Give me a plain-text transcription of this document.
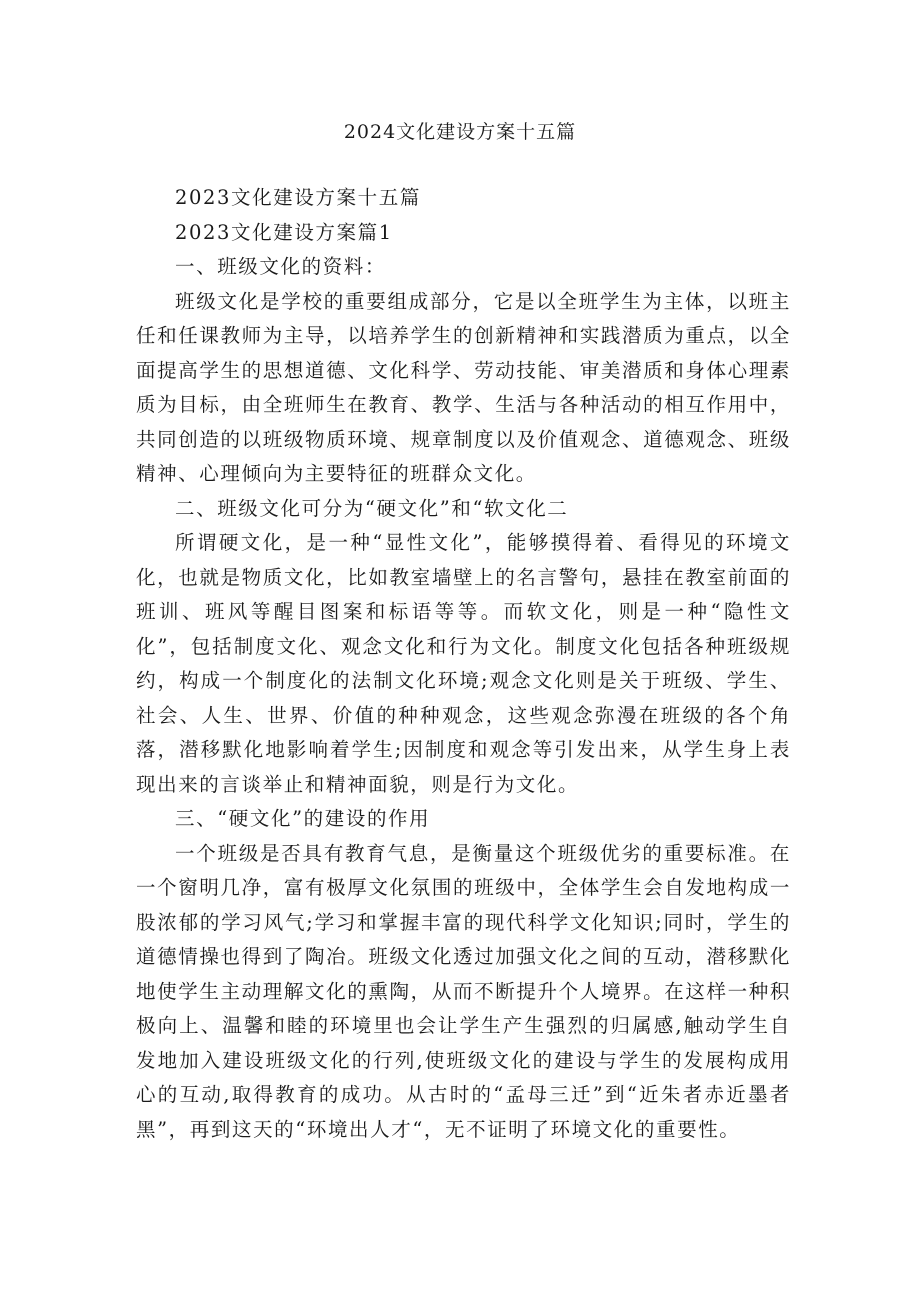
2024文化建设方案十五篇

2023文化建设方案十五篇

2023文化建设方案篇1

一、班级文化的资料：

班级文化是学校的重要组成部分，它是以全班学生为主体，以班主任和任课教师为主导，以培养学生的创新精神和实践潜质为重点，以全面提高学生的思想道德、文化科学、劳动技能、审美潜质和身体心理素质为目标，由全班师生在教育、教学、生活与各种活动的相互作用中，共同创造的以班级物质环境、规章制度以及价值观念、道德观念、班级精神、心理倾向为主要特征的班群众文化。

二、班级文化可分为“硬文化”和“软文化二

所谓硬文化，是一种“显性文化”，能够摸得着、看得见的环境文化，也就是物质文化，比如教室墙壁上的名言警句，悬挂在教室前面的班训、班风等醒目图案和标语等等。而软文化，则是一种“隐性文化”，包括制度文化、观念文化和行为文化。制度文化包括各种班级规约，构成一个制度化的法制文化环境;观念文化则是关于班级、学生、社会、人生、世界、价值的种种观念，这些观念弥漫在班级的各个角落，潜移默化地影响着学生;因制度和观念等引发出来，从学生身上表现出来的言谈举止和精神面貌，则是行为文化。

三、“硬文化”的建设的作用

一个班级是否具有教育气息，是衡量这个班级优劣的重要标准。在一个窗明几净，富有极厚文化氛围的班级中，全体学生会自发地构成一股浓郁的学习风气;学习和掌握丰富的现代科学文化知识;同时，学生的道德情操也得到了陶冶。班级文化透过加强文化之间的互动，潜移默化地使学生主动理解文化的熏陶，从而不断提升个人境界。在这样一种积极向上、温馨和睦的环境里也会让学生产生强烈的归属感,触动学生自发地加入建设班级文化的行列,使班级文化的建设与学生的发展构成用心的互动,取得教育的成功。从古时的“孟母三迁”到“近朱者赤近墨者黑”，再到这天的“环境出人才“，无不证明了环境文化的重要性。
